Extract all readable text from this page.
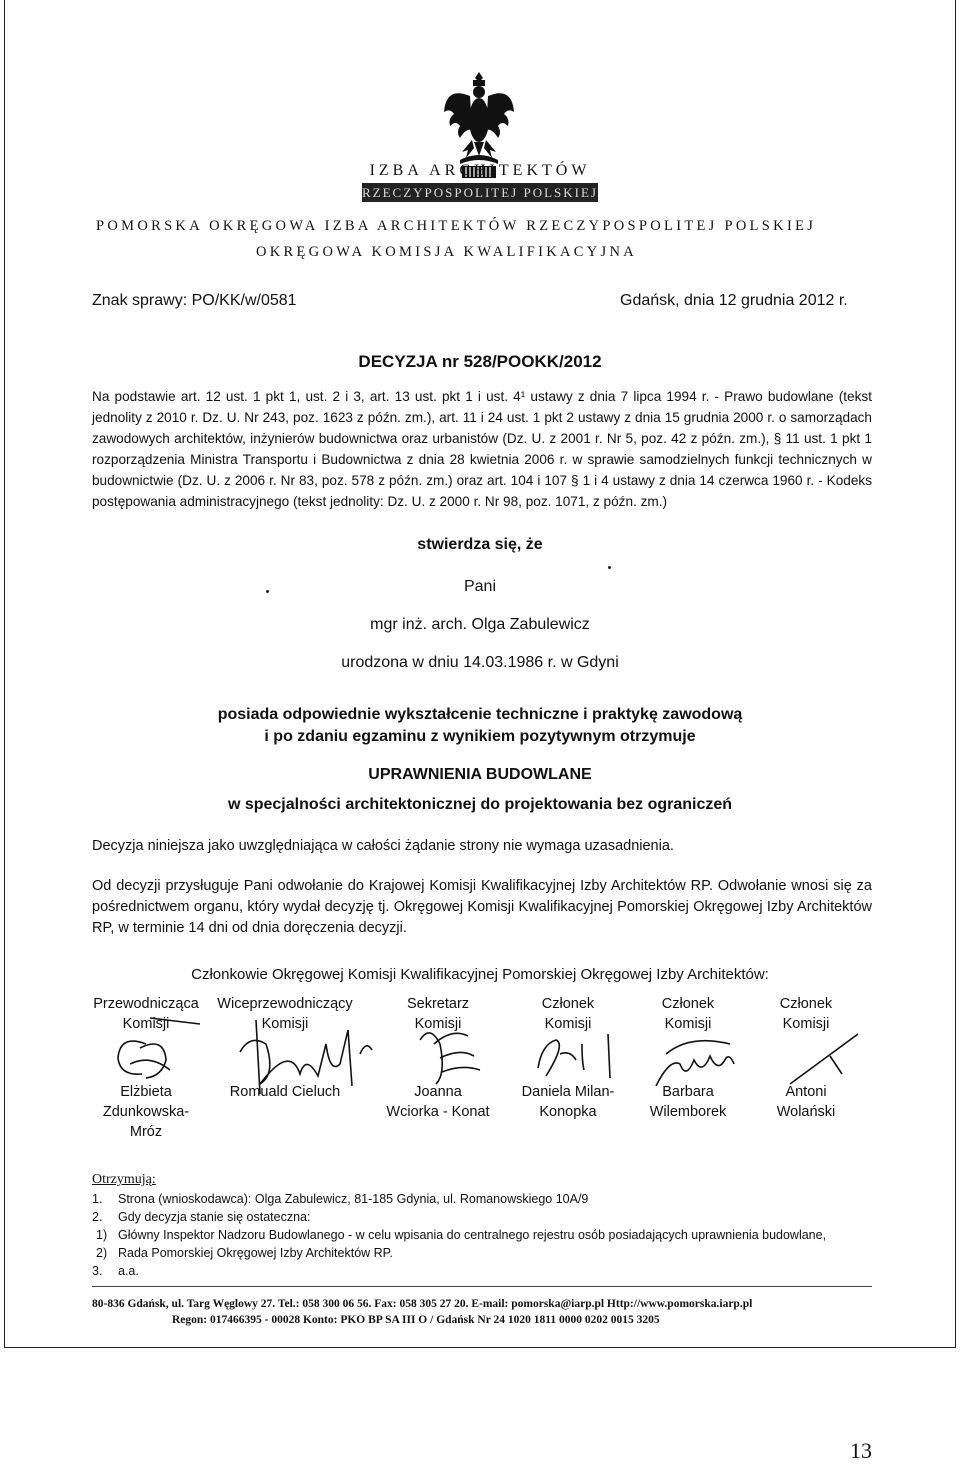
IZBA ARCHITEKTÓW
RZECZYPOSPOLITEJ POLSKIEJ
POMORSKA OKRĘGOWA IZBA ARCHITEKTÓW RZECZYPOSPOLITEJ POLSKIEJ
OKRĘGOWA KOMISJA KWALIFIKACYJNA
Znak sprawy: PO/KK/w/0581	Gdańsk, dnia 12 grudnia 2012 r.
DECYZJA nr 528/POOKK/2012
Na podstawie art. 12 ust. 1 pkt 1, ust. 2 i 3, art. 13 ust. pkt 1 i ust. 4¹ ustawy z dnia 7 lipca 1994 r. - Prawo budowlane (tekst jednolity z 2010 r. Dz. U. Nr 243, poz. 1623 z późn. zm.), art. 11 i 24 ust. 1 pkt 2 ustawy z dnia 15 grudnia 2000 r. o samorządach zawodowych architektów, inżynierów budownictwa oraz urbanistów (Dz. U. z 2001 r. Nr 5, poz. 42 z późn. zm.), § 11 ust. 1 pkt 1 rozporządzenia Ministra Transportu i Budownictwa z dnia 28 kwietnia 2006 r. w sprawie samodzielnych funkcji technicznych w budownictwie (Dz. U. z 2006 r. Nr 83, poz. 578 z późn. zm.) oraz art. 104 i 107 § 1 i 4 ustawy z dnia 14 czerwca 1960 r. - Kodeks postępowania administracyjnego (tekst jednolity: Dz. U. z 2000 r. Nr 98, poz. 1071, z późn. zm.)
stwierdza się, że
Pani
mgr inż. arch. Olga Zabulewicz
urodzona w dniu 14.03.1986 r. w Gdyni
posiada odpowiednie wykształcenie techniczne i praktykę zawodową
i po zdaniu egzaminu z wynikiem pozytywnym otrzymuje
UPRAWNIENIA BUDOWLANE
w specjalności architektonicznej do projektowania bez ograniczeń
Decyzja niniejsza jako uwzględniająca w całości żądanie strony nie wymaga uzasadnienia.
Od decyzji przysługuje Pani odwołanie do Krajowej Komisji Kwalifikacyjnej Izby Architektów RP. Odwołanie wnosi się za pośrednictwem organu, który wydał decyzję tj. Okręgowej Komisji Kwalifikacyjnej Pomorskiej Okręgowej Izby Architektów RP, w terminie 14 dni od dnia doręczenia decyzji.
Członkowie Okręgowej Komisji Kwalifikacyjnej Pomorskiej Okręgowej Izby Architektów:
Przewodnicząca
Komisji
Elżbieta
Zdunkowska-
Mróz
Wiceprzewodniczący
Komisji
Romuald Cieluch
Sekretarz
Komisji
Joanna
Wciorka - Konat
Członek
Komisji
Daniela Milan-
Konopka
Członek
Komisji
Barbara
Wilemborek
Członek
Komisji
Antoni
Wolański
Otrzymują:
1. Strona (wnioskodawca): Olga Zabulewicz, 81-185 Gdynia, ul. Romanowskiego 10A/9
2. Gdy decyzja stanie się ostateczna:
1) Główny Inspektor Nadzoru Budowlanego - w celu wpisania do centralnego rejestru osób posiadających uprawnienia budowlane,
2) Rada Pomorskiej Okręgowej Izby Architektów RP.
3. a.a.
80-836 Gdańsk, ul. Targ Węglowy 27. Tel.: 058 300 06 56. Fax: 058 305 27 20. E-mail: pomorska@iarp.pl Http://www.pomorska.iarp.pl
Regon: 017466395 - 00028 Konto: PKO BP SA III O / Gdańsk Nr 24 1020 1811 0000 0202 0015 3205
13
